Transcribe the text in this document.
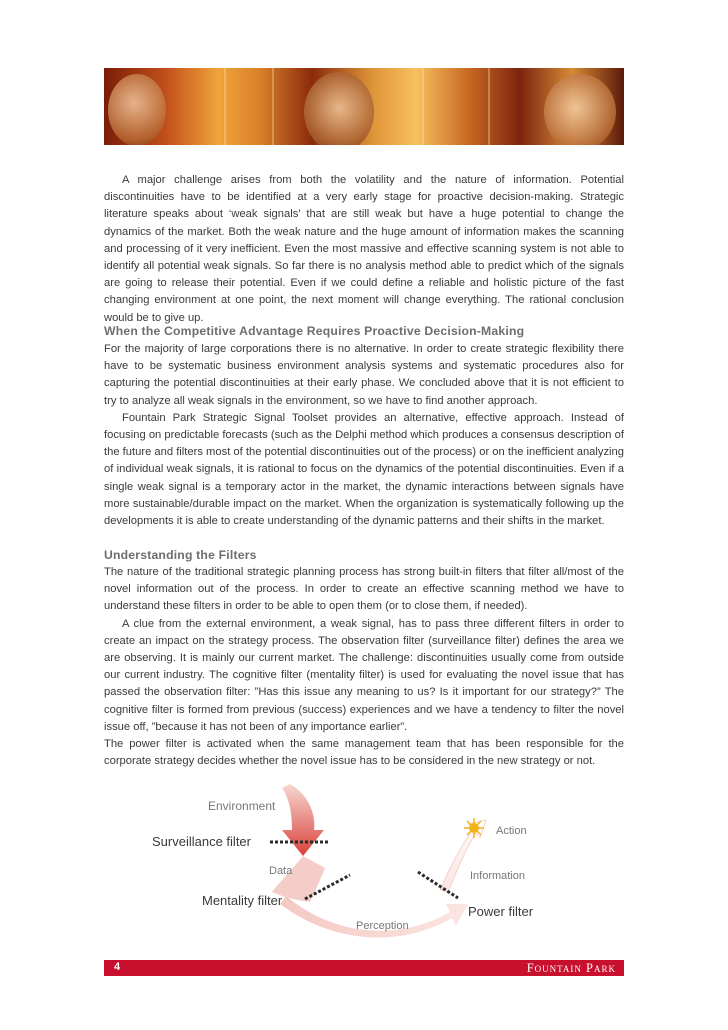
A major challenge arises from both the volatility and the nature of information. Potential discontinuities have to be identified at a very early stage for proactive decision-making. Strategic literature speaks about ‘weak signals’ that are still weak but have a huge potential to change the dynamics of the market. Both the weak nature and the huge amount of information makes the scanning and processing of it very inefficient. Even the most massive and effective scanning system is not able to identify all potential weak signals. So far there is no analysis method able to predict which of the signals are going to release their potential. Even if we could define a reliable and holistic picture of the fast changing environment at one point, the next moment will change everything. The rational conclusion would be to give up.

When the Competitive Advantage Requires Proactive Decision-Making

For the majority of large corporations there is no alternative. In order to create strategic flexibility there have to be systematic business environment analysis systems and systematic procedures also for capturing the potential discontinuities at their early phase. We concluded above that it is not efficient to try to analyze all weak signals in the environment, so we have to find another approach.

Fountain Park Strategic Signal Toolset provides an alternative, effective approach. Instead of focusing on predictable forecasts (such as the Delphi method which produces a consensus description of the future and filters most of the potential discontinuities out of the process) or on the inefficient analyzing of individual weak signals, it is rational to focus on the dynamics of the potential discontinuities. Even if a single weak signal is a temporary actor in the market, the dynamic interactions between signals have more sustainable/durable impact on the market. When the organization is systematically following up the developments it is able to create understanding of the dynamic patterns and their shifts in the market.

Understanding the Filters

The nature of the traditional strategic planning process has strong built-in filters that filter all/most of the novel information out of the process. In order to create an effective scanning method we have to understand these filters in order to be able to open them (or to close them, if needed).

A clue from the external environment, a weak signal, has to pass three different filters in order to create an impact on the strategy process. The observation filter (surveillance filter) defines the area we are observing. It is mainly our current market. The challenge: discontinuities usually come from outside our current industry. The cognitive filter (mentality filter) is used for evaluating the novel issue that has passed the observation filter: ”Has this issue any meaning to us? Is it important for our strategy?” The cognitive filter is formed from previous (success) experiences and we have a tendency to filter the novel issue off, ”because it has not been of any importance earlier”.

The power filter is activated when the same management team that has been responsible for the corporate strategy decides whether the novel issue has to be considered in the new strategy or not.

Environment
Surveillance filter
Data
Mentality filter
Perception
Power filter
Information
Action
4	Fountain Park
